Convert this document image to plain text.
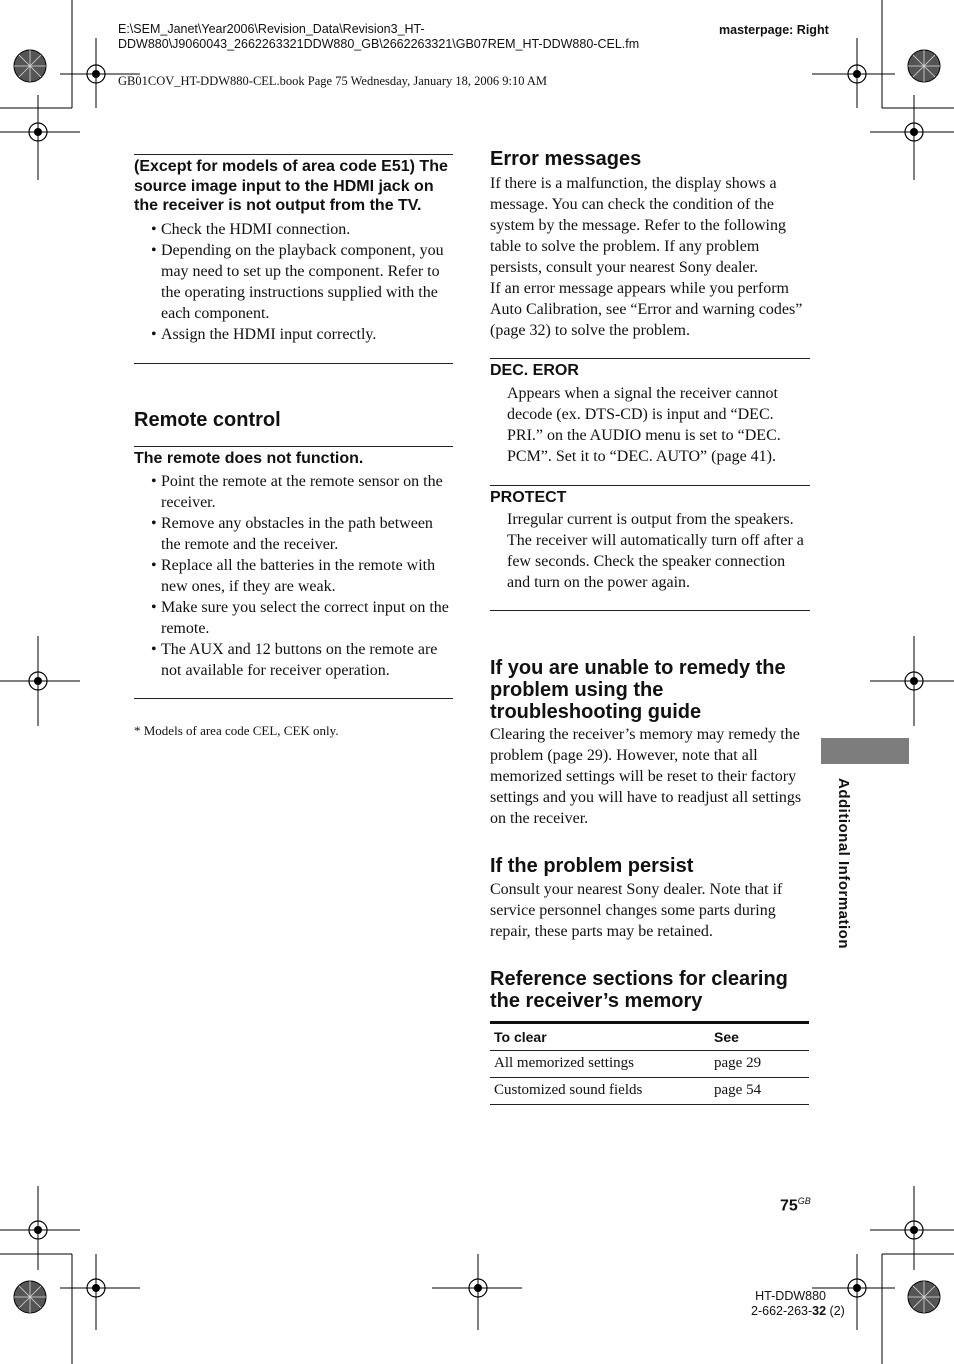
E:\SEM_Janet\Year2006\Revision_Data\Revision3_HT-
DDW880\J9060043_2662263321DDW880_GB\2662263321\GB07REM_HT-DDW880-CEL.fm
masterpage: Right
GB01COV_HT-DDW880-CEL.book Page 75 Wednesday, January 18, 2006 9:10 AM
(Except for models of area code E51) The source image input to the HDMI jack on the receiver is not output from the TV.
• Check the HDMI connection.
• Depending on the playback component, you may need to set up the component. Refer to the operating instructions supplied with the each component.
• Assign the HDMI input correctly.
Remote control
The remote does not function.
• Point the remote at the remote sensor on the receiver.
• Remove any obstacles in the path between the remote and the receiver.
• Replace all the batteries in the remote with new ones, if they are weak.
• Make sure you select the correct input on the remote.
• The AUX and 12 buttons on the remote are not available for receiver operation.
* Models of area code CEL, CEK only.
Error messages
If there is a malfunction, the display shows a message. You can check the condition of the system by the message. Refer to the following table to solve the problem. If any problem persists, consult your nearest Sony dealer.
If an error message appears while you perform Auto Calibration, see “Error and warning codes” (page 32) to solve the problem.
DEC. EROR
Appears when a signal the receiver cannot decode (ex. DTS-CD) is input and “DEC. PRI.” on the AUDIO menu is set to “DEC. PCM”. Set it to “DEC. AUTO” (page 41).
PROTECT
Irregular current is output from the speakers. The receiver will automatically turn off after a few seconds. Check the speaker connection and turn on the power again.
If you are unable to remedy the problem using the troubleshooting guide
Clearing the receiver’s memory may remedy the problem (page 29). However, note that all memorized settings will be reset to their factory settings and you will have to readjust all settings on the receiver.
If the problem persist
Consult your nearest Sony dealer. Note that if service personnel changes some parts during repair, these parts may be retained.
Reference sections for clearing the receiver’s memory
To clear	See
All memorized settings	page 29
Customized sound fields	page 54
Additional Information
$75^{GB}$
HT-DDW880
2-662-263-32 (2)
